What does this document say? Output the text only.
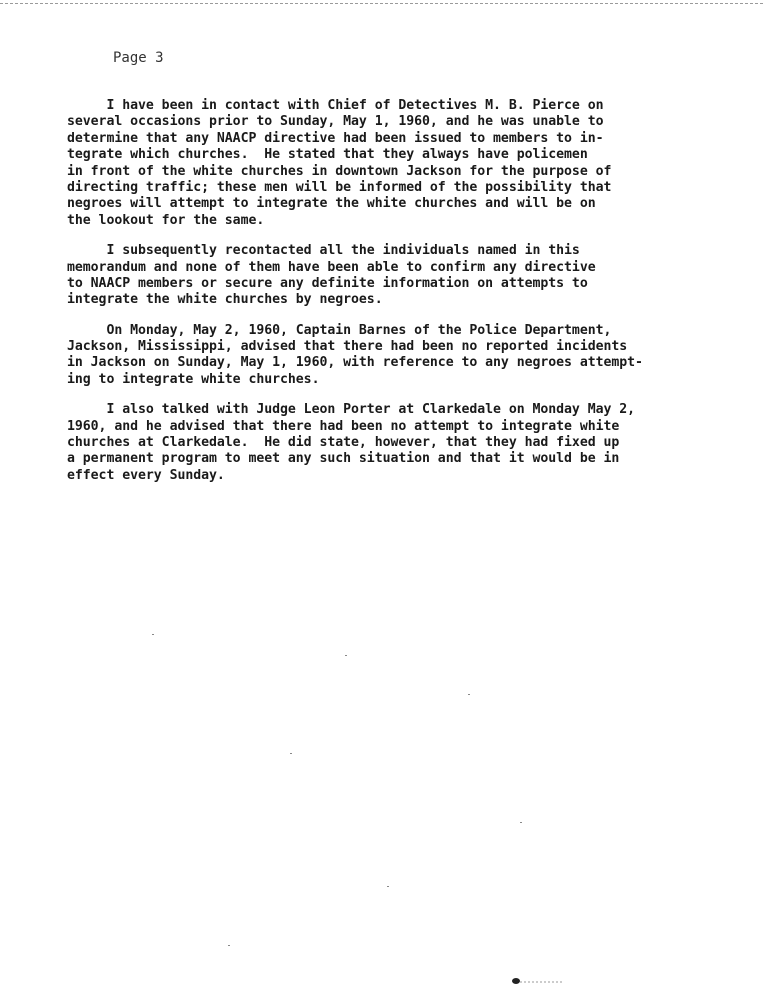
Page 3
I have been in contact with Chief of Detectives M. B. Pierce on
several occasions prior to Sunday, May 1, 1960, and he was unable to
determine that any NAACP directive had been issued to members to in-
tegrate which churches.  He stated that they always have policemen
in front of the white churches in downtown Jackson for the purpose of
directing traffic; these men will be informed of the possibility that
negroes will attempt to integrate the white churches and will be on
the lookout for the same.
I subsequently recontacted all the individuals named in this
memorandum and none of them have been able to confirm any directive
to NAACP members or secure any definite information on attempts to
integrate the white churches by negroes.
On Monday, May 2, 1960, Captain Barnes of the Police Department,
Jackson, Mississippi, advised that there had been no reported incidents
in Jackson on Sunday, May 1, 1960, with reference to any negroes attempt-
ing to integrate white churches.
I also talked with Judge Leon Porter at Clarkedale on Monday May 2,
1960, and he advised that there had been no attempt to integrate white
churches at Clarkedale.  He did state, however, that they had fixed up
a permanent program to meet any such situation and that it would be in
effect every Sunday.
